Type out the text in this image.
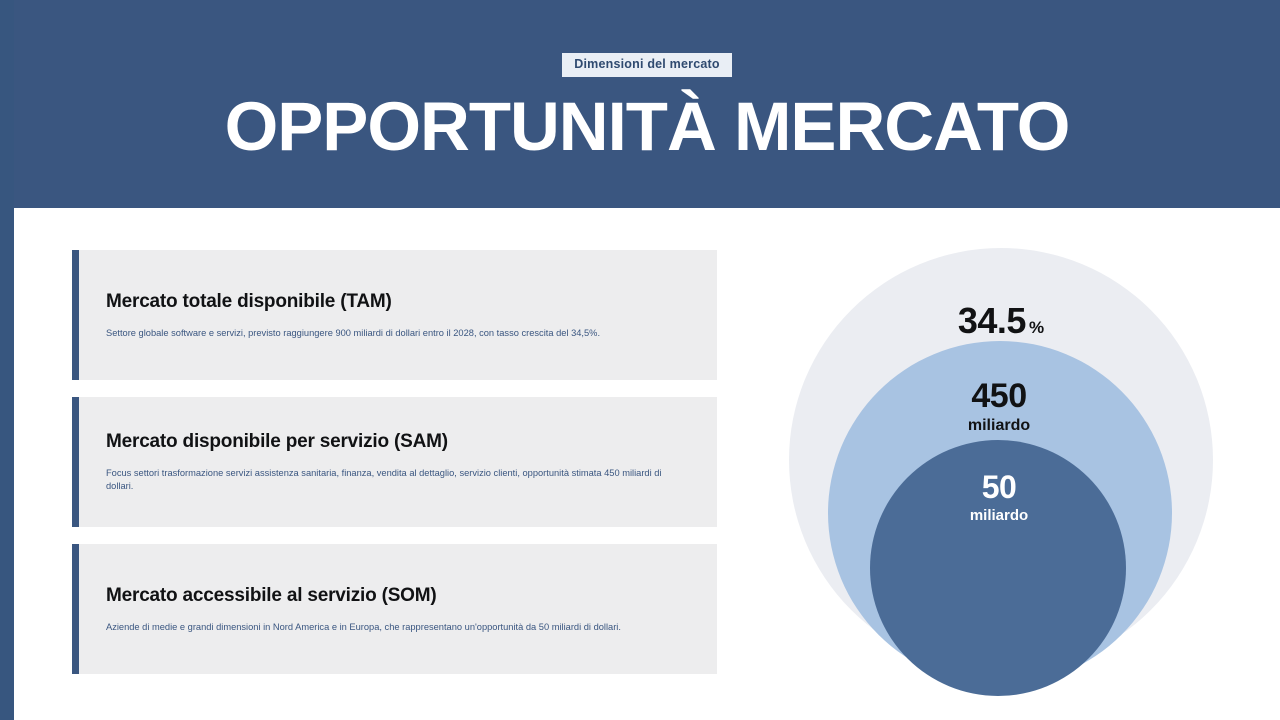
Dimensioni del mercato
OPPORTUNITÀ MERCATO
Mercato totale disponibile (TAM)

Settore globale software e servizi, previsto raggiungere 900 miliardi di dollari entro il 2028, con tasso crescita del 34,5%.

Mercato disponibile per servizio (SAM)

Focus settori trasformazione servizi assistenza sanitaria, finanza, vendita al dettaglio, servizio clienti, opportunità stimata 450 miliardi di dollari.

Mercato accessibile al servizio (SOM)

Aziende di medie e grandi dimensioni in Nord America e in Europa, che rappresentano un'opportunità da 50 miliardi di dollari.

34.5 %
450
miliardo
50
miliardo
